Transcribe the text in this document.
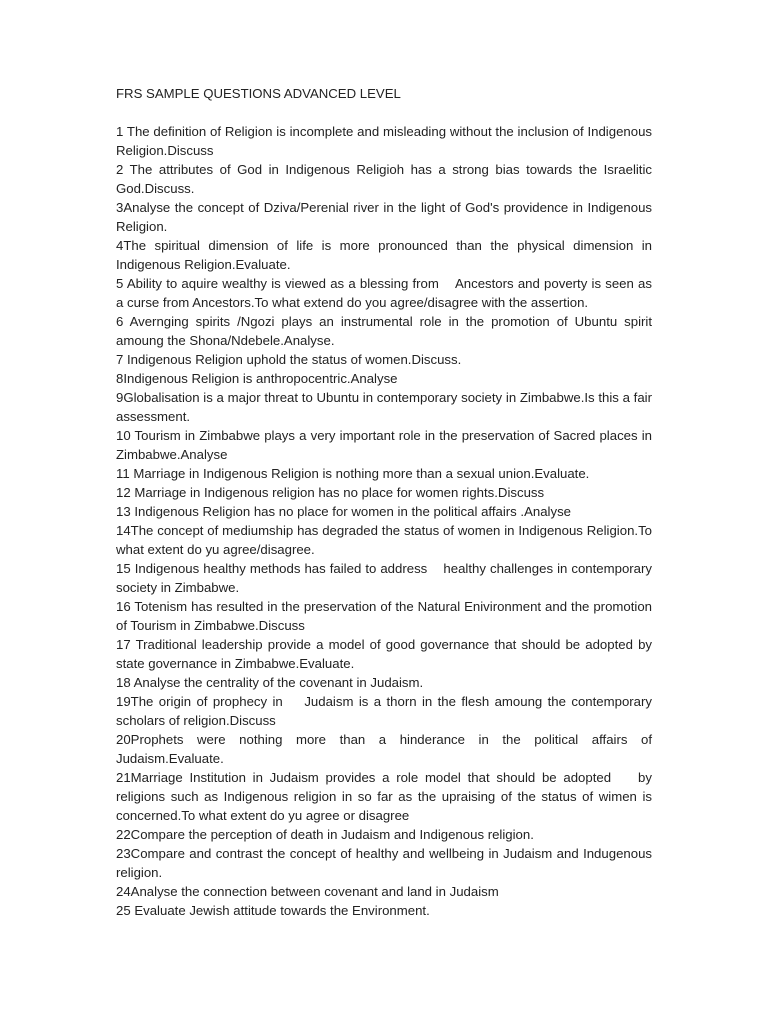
FRS SAMPLE QUESTIONS ADVANCED LEVEL
1 The definition of Religion is incomplete and misleading without the inclusion of Indigenous Religion.Discuss
2 The attributes of God in Indigenous Religioh has a strong bias towards the Israelitic God.Discuss.
3Analyse the concept of Dziva/Perenial river in the light of God's providence in Indigenous Religion.
4The spiritual dimension of life is more pronounced than the physical dimension in Indigenous Religion.Evaluate.
5 Ability to aquire wealthy is viewed as a blessing from    Ancestors and poverty is seen as a curse from Ancestors.To what extend do you agree/disagree with the assertion.
6 Avernging spirits /Ngozi plays an instrumental role in the promotion of Ubuntu spirit amoung the Shona/Ndebele.Analyse.
7 Indigenous Religion uphold the status of women.Discuss.
8Indigenous Religion is anthropocentric.Analyse
9Globalisation is a major threat to Ubuntu in contemporary society in Zimbabwe.Is this a fair assessment.
10 Tourism in Zimbabwe plays a very important role in the preservation of Sacred places in Zimbabwe.Analyse
11 Marriage in Indigenous Religion is nothing more than a sexual union.Evaluate.
12 Marriage in Indigenous religion has no place for women rights.Discuss
13 Indigenous Religion has no place for women in the political affairs .Analyse
14The concept of mediumship has degraded the status of women in Indigenous Religion.To what extent do yu agree/disagree.
15 Indigenous healthy methods has failed to address    healthy challenges in contemporary society in Zimbabwe.
16 Totenism has resulted in the preservation of the Natural Enivironment and the promotion of Tourism in Zimbabwe.Discuss
17 Traditional leadership provide a model of good governance that should be adopted by state governance in Zimbabwe.Evaluate.
18 Analyse the centrality of the covenant in Judaism.
19The origin of prophecy in    Judaism is a thorn in the flesh amoung the contemporary scholars of religion.Discuss
20Prophets were nothing more than a hinderance in the political affairs of Judaism.Evaluate.
21Marriage Institution in Judaism provides a role model that should be adopted    by religions such as Indigenous religion in so far as the upraising of the status of wimen is concerned.To what extent do yu agree or disagree
22Compare the perception of death in Judaism and Indigenous religion.
23Compare and contrast the concept of healthy and wellbeing in Judaism and Indugenous religion.
24Analyse the connection between covenant and land in Judaism
25 Evaluate Jewish attitude towards the Environment.
